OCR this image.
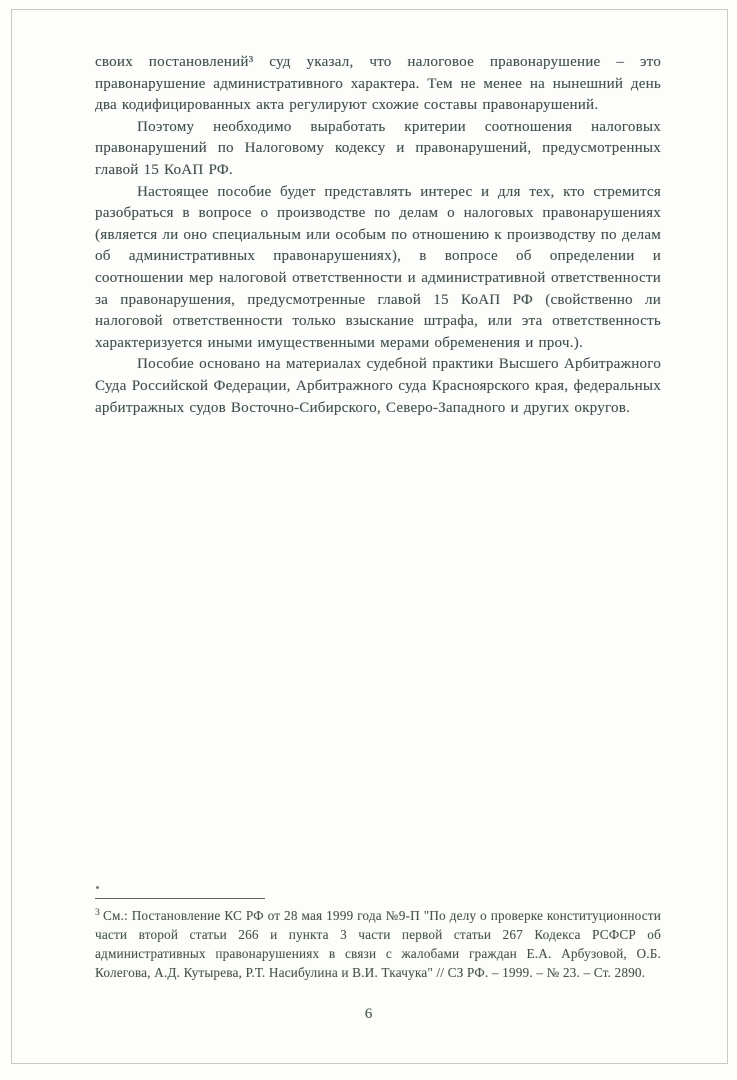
своих постановлений³ суд указал, что налоговое правонарушение – это правонарушение административного характера. Тем не менее на нынешний день два кодифицированных акта регулируют схожие составы правонарушений.

Поэтому необходимо выработать критерии соотношения налоговых правонарушений по Налоговому кодексу и правонарушений, предусмотренных главой 15 КоАП РФ.

Настоящее пособие будет представлять интерес и для тех, кто стремится разобраться в вопросе о производстве по делам о налоговых правонарушениях (является ли оно специальным или особым по отношению к производству по делам об административных правонарушениях), в вопросе об определении и соотношении мер налоговой ответственности и административной ответственности за правонарушения, предусмотренные главой 15 КоАП РФ (свойственно ли налоговой ответственности только взыскание штрафа, или эта ответственность характеризуется иными имущественными мерами обременения и проч.).

Пособие основано на материалах судебной практики Высшего Арбитражного Суда Российской Федерации, Арбитражного суда Красноярского края, федеральных арбитражных судов Восточно-Сибирского, Северо-Западного и других округов.

$^3$ См.: Постановление КС РФ от 28 мая 1999 года №9-П "По делу о проверке конституционности части второй статьи 266 и пункта 3 части первой статьи 267 Кодекса РСФСР об административных правонарушениях в связи с жалобами граждан Е.А. Арбузовой, О.Б. Колегова, А.Д. Кутырева, Р.Т. Насибулина и В.И. Ткачука" // СЗ РФ. – 1999. – № 23. – Ст. 2890.

6
